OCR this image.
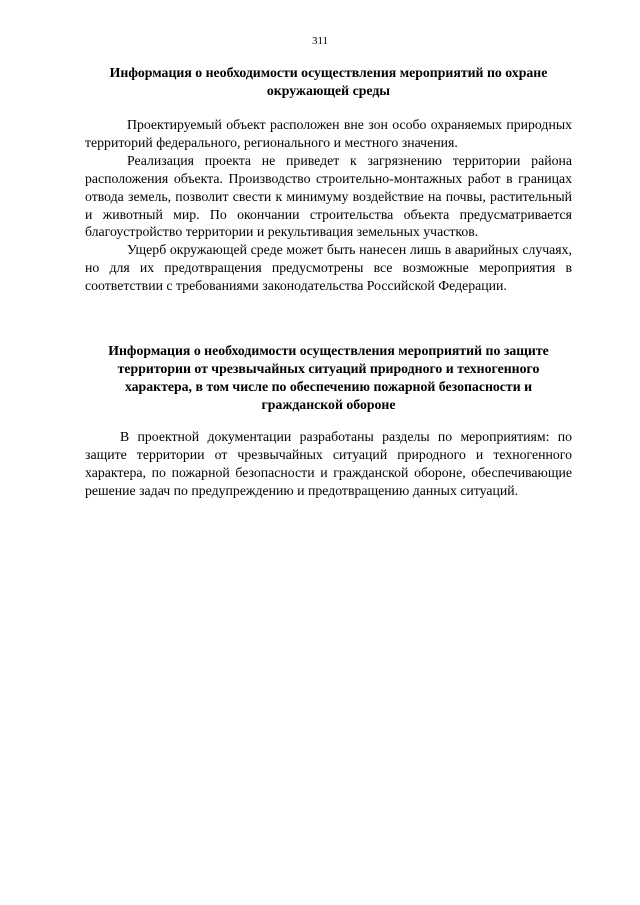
311

Информация о необходимости осуществления мероприятий по охране окружающей среды

Проектируемый объект расположен вне зон особо охраняемых природных территорий федерального, регионального и местного значения.

Реализация проекта не приведет к загрязнению территории района расположения объекта. Производство строительно-монтажных работ в границах отвода земель, позволит свести к минимуму воздействие на почвы, растительный и животный мир. По окончании строительства объекта предусматривается благоустройство территории и рекультивация земельных участков.

Ущерб окружающей среде может быть нанесен лишь в аварийных случаях, но для их предотвращения предусмотрены все возможные мероприятия в соответствии с требованиями законодательства Российской Федерации.

Информация о необходимости осуществления мероприятий по защите территории от чрезвычайных ситуаций природного и техногенного характера, в том числе по обеспечению пожарной безопасности и гражданской обороне

В проектной документации разработаны разделы по мероприятиям: по защите территории от чрезвычайных ситуаций природного и техногенного характера, по пожарной безопасности и гражданской обороне, обеспечивающие решение задач по предупреждению и предотвращению данных ситуаций.
